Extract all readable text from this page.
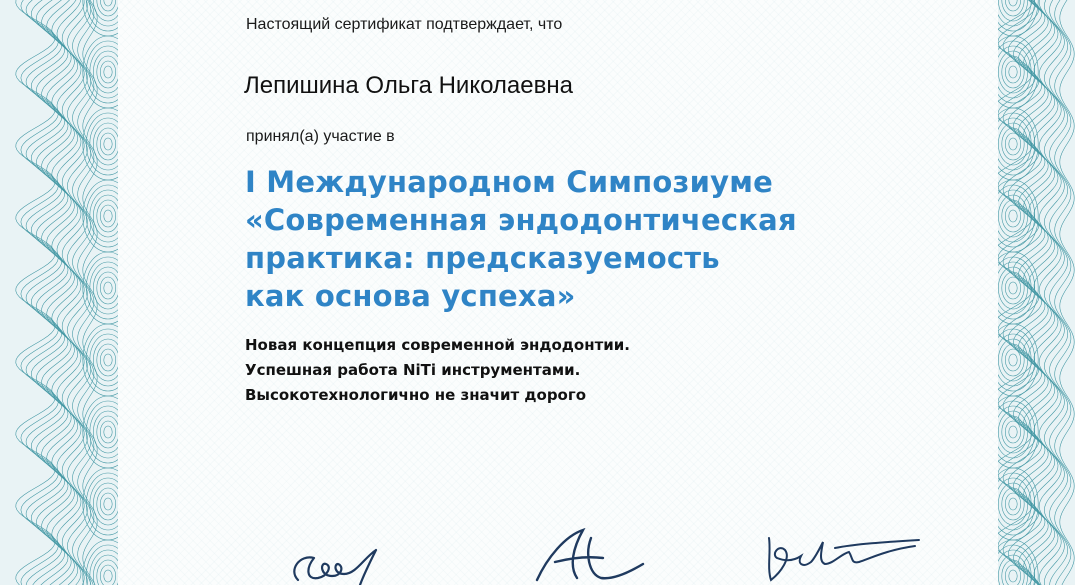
Настоящий сертификат подтверждает, что
Лепишина Ольга Николаевна
принял(а) участие в
I Международном Симпозиуме
«Современная эндодонтическая
практика: предсказуемость
как основа успеха»
Новая концепция современной эндодонтии.
Успешная работа NiTi инструментами.
Высокотехнологично не значит дорого
